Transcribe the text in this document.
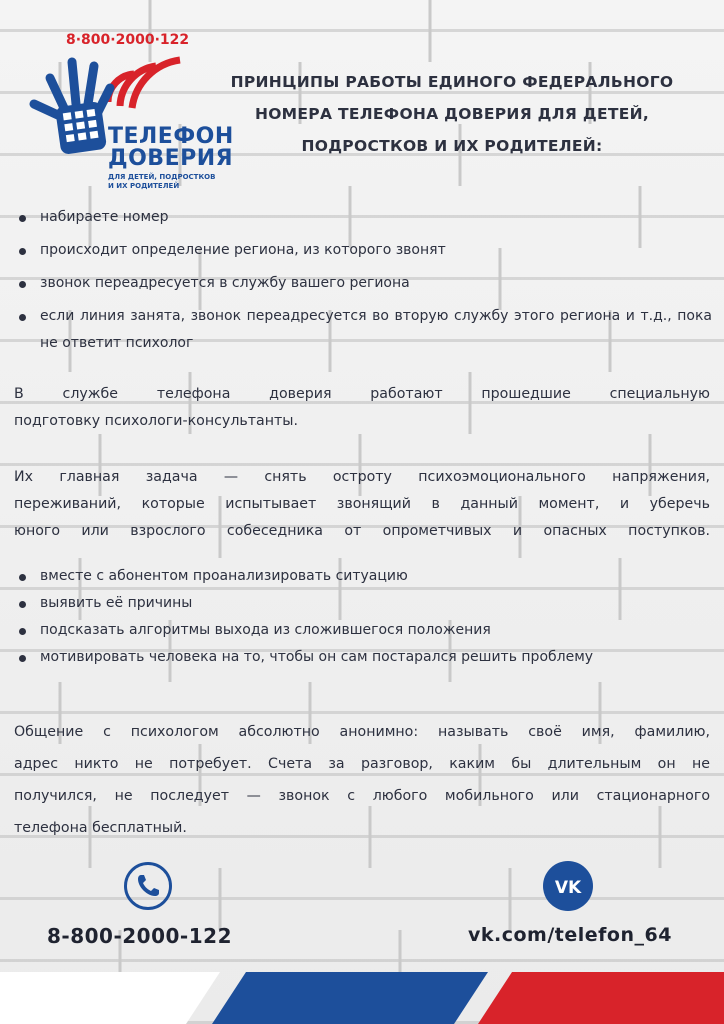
8·800·2000·122
ТЕЛЕФОН
ДОВЕРИЯ
ДЛЯ ДЕТЕЙ, ПОДРОСТКОВ
И ИХ РОДИТЕЛЕЙ
ПРИНЦИПЫ РАБОТЫ ЕДИНОГО ФЕДЕРАЛЬНОГО НОМЕРА ТЕЛЕФОНА ДОВЕРИЯ ДЛЯ ДЕТЕЙ, ПОДРОСТКОВ И ИХ РОДИТЕЛЕЙ:
набираете номер
происходит определение региона, из которого звонят
звонок переадресуется в службу вашего региона
если линия занята, звонок переадресуется во вторую службу этого региона и т.д., пока не ответит психолог

В службе телефона доверия работают прошедшие специальную
подготовку психологи-консультанты.

Их главная задача — снять остроту психоэмоционального напряжения,
переживаний, которые испытывает звонящий в данный момент, и уберечь
юного или взрослого собеседника от опрометчивых и опасных поступков.

вместе с абонентом проанализировать ситуацию
выявить её причины
подсказать алгоритмы выхода из сложившегося положения
мотивировать человека на то, чтобы он сам постарался решить проблему

Общение с психологом абсолютно анонимно: называть своё имя, фамилию,
адрес никто не потребует. Счета за разговор, каким бы длительным он не
получился, не последует — звонок с любого мобильного или стационарного
телефона бесплатный.

VK
8-800-2000-122	vk.com/telefon_64
